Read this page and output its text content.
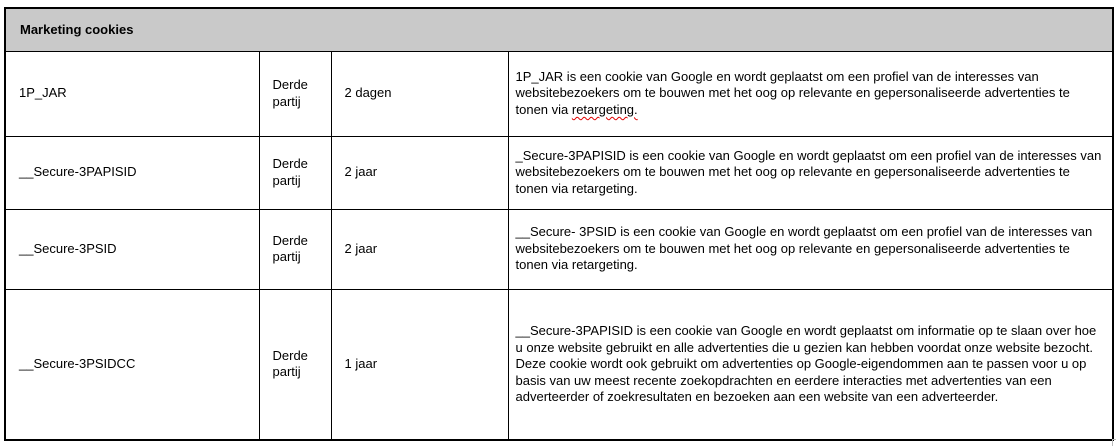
Marketing cookies			
1P_JAR	Derde partij	2 dagen	1P_JAR is een cookie van Google en wordt geplaatst om een profiel van de interesses van websitebezoekers om te bouwen met het oog op relevante en gepersonaliseerde advertenties te tonen via retargeting.
__Secure-3PAPISID	Derde partij	2 jaar	_Secure-3PAPISID is een cookie van Google en wordt geplaatst om een profiel van de interesses van websitebezoekers om te bouwen met het oog op relevante en gepersonaliseerde advertenties te tonen via retargeting.
__Secure-3PSID	Derde partij	2 jaar	__Secure- 3PSID is een cookie van Google en wordt geplaatst om een profiel van de interesses van websitebezoekers om te bouwen met het oog op relevante en gepersonaliseerde advertenties te tonen via retargeting.
__Secure-3PSIDCC	Derde partij	1 jaar	__Secure-3PAPISID is een cookie van Google en wordt geplaatst om informatie op te slaan over hoe u onze website gebruikt en alle advertenties die u gezien kan hebben voordat onze website bezocht. Deze cookie wordt ook gebruikt om advertenties op Google-eigendommen aan te passen voor u op basis van uw meest recente zoekopdrachten en eerdere interacties met advertenties van een adverteerder of zoekresultaten en bezoeken aan een website van een adverteerder.
